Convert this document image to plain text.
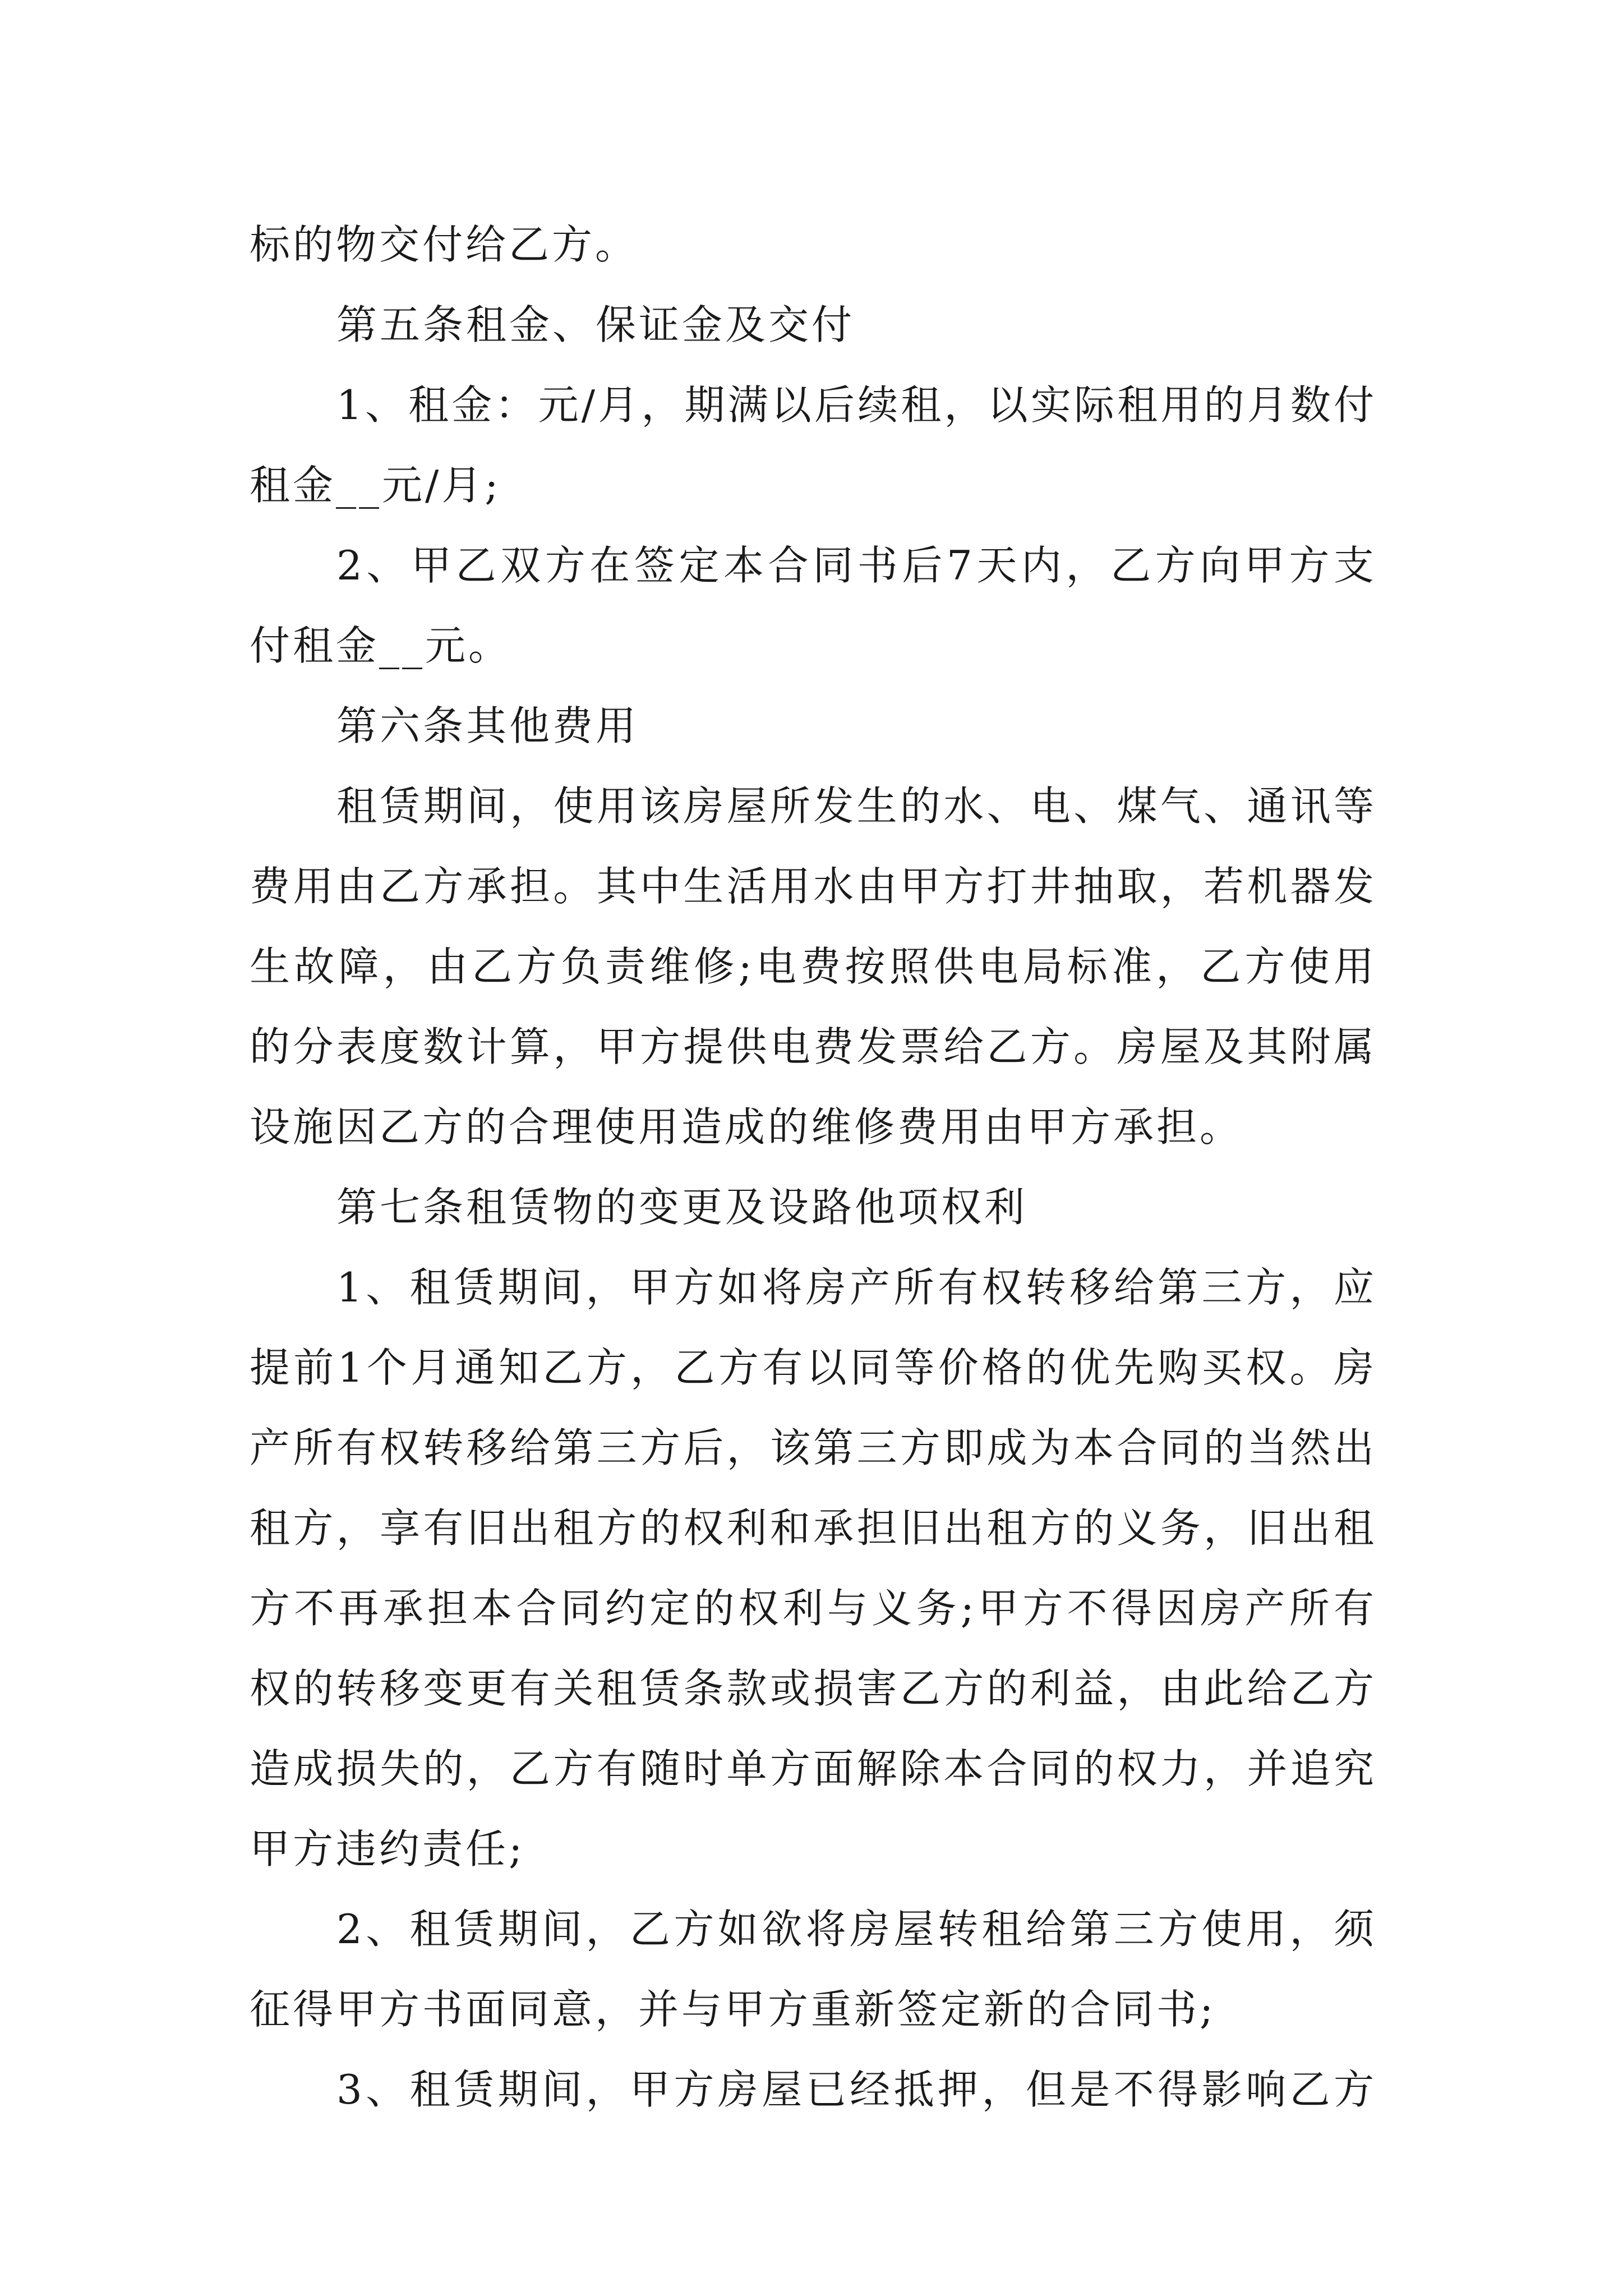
标的物交付给乙方。
第五条租金、保证金及交付
1、租金：元/月，期满以后续租，以实际租用的月数付
租金__元/月;
2、甲乙双方在签定本合同书后7天内，乙方向甲方支
付租金__元。
第六条其他费用
租赁期间，使用该房屋所发生的水、电、煤气、通讯等
费用由乙方承担。其中生活用水由甲方打井抽取，若机器发
生故障，由乙方负责维修;电费按照供电局标准，乙方使用
的分表度数计算，甲方提供电费发票给乙方。房屋及其附属
设施因乙方的合理使用造成的维修费用由甲方承担。
第七条租赁物的变更及设路他项权利
1、租赁期间，甲方如将房产所有权转移给第三方，应
提前1个月通知乙方，乙方有以同等价格的优先购买权。房
产所有权转移给第三方后，该第三方即成为本合同的当然出
租方，享有旧出租方的权利和承担旧出租方的义务，旧出租
方不再承担本合同约定的权利与义务;甲方不得因房产所有
权的转移变更有关租赁条款或损害乙方的利益，由此给乙方
造成损失的，乙方有随时单方面解除本合同的权力，并追究
甲方违约责任;
2、租赁期间，乙方如欲将房屋转租给第三方使用，须
征得甲方书面同意，并与甲方重新签定新的合同书;
3、租赁期间，甲方房屋已经抵押，但是不得影响乙方
